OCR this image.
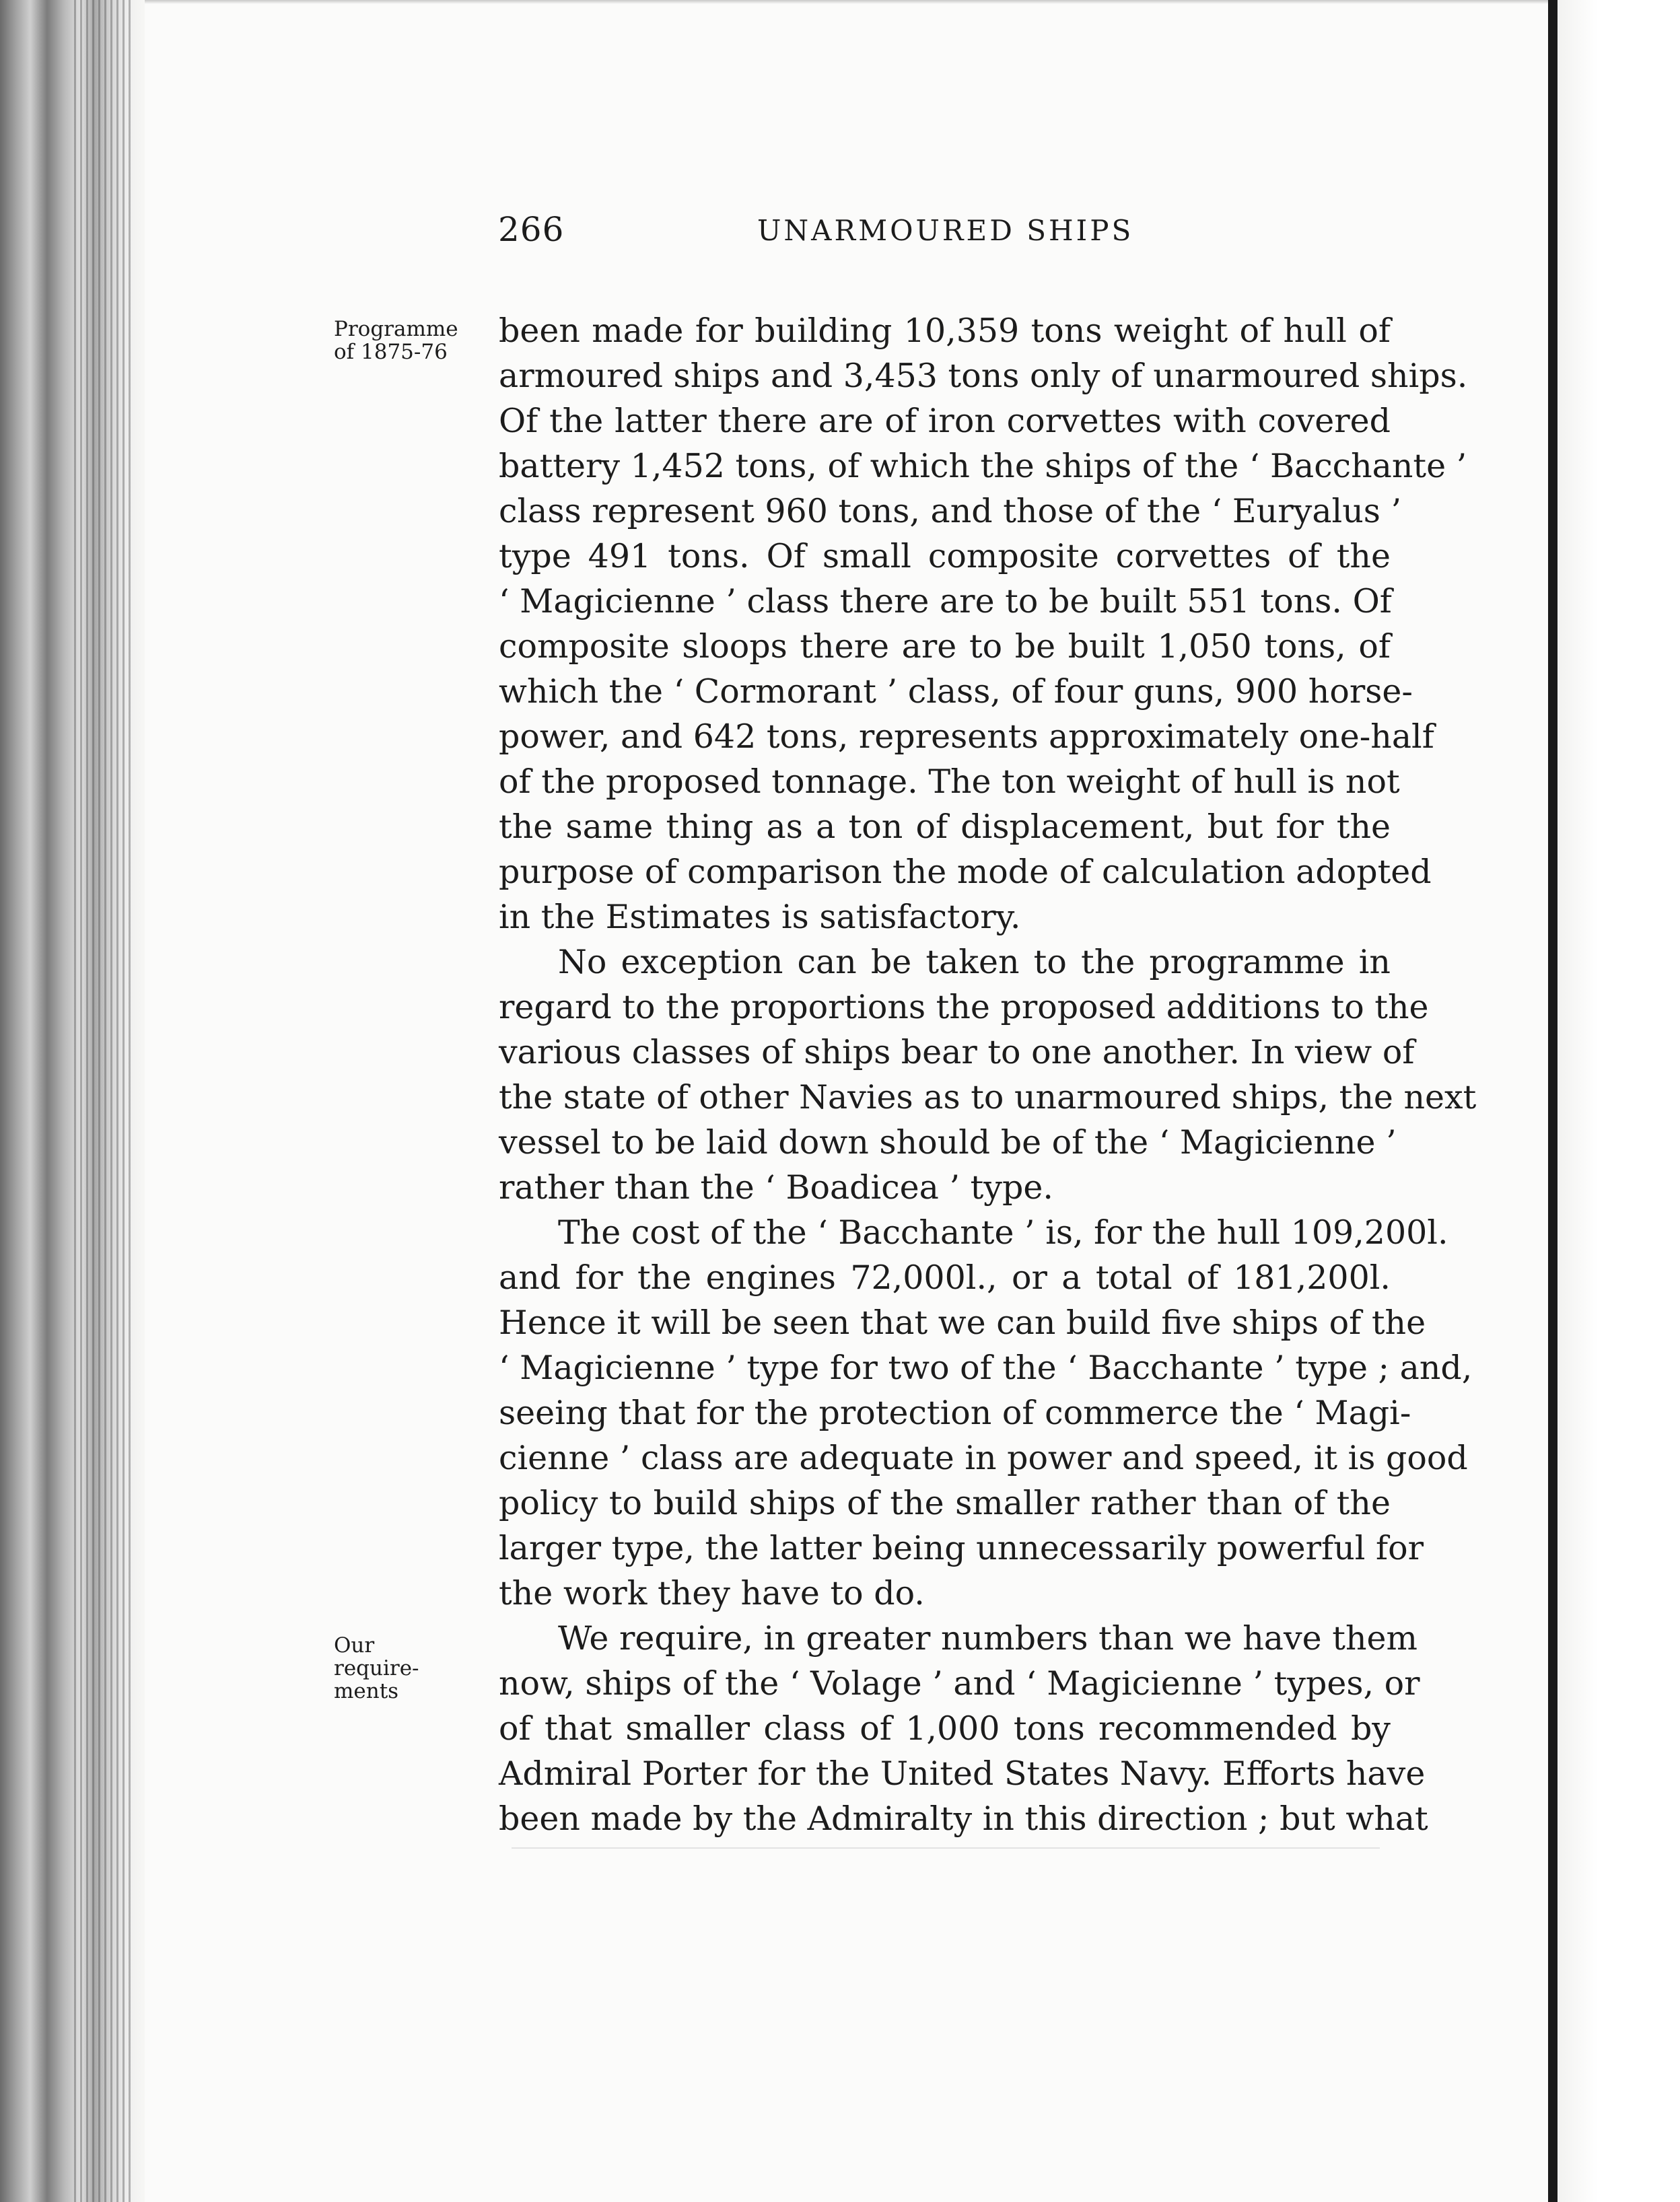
266	UNARMOURED SHIPS
Programme
of 1875-76
Our
require-
ments
been made for building 10,359 tons weight of hull of
armoured ships and 3,453 tons only of unarmoured ships.
Of the latter there are of iron corvettes with covered
battery 1,452 tons, of which the ships of the ‘ Bacchante ’
class represent 960 tons, and those of the ‘ Euryalus ’
type 491 tons. Of small composite corvettes of the
‘ Magicienne ’ class there are to be built 551 tons. Of
composite sloops there are to be built 1,050 tons, of
which the ‘ Cormorant ’ class, of four guns, 900 horse-
power, and 642 tons, represents approximately one-half
of the proposed tonnage. The ton weight of hull is not
the same thing as a ton of displacement, but for the
purpose of comparison the mode of calculation adopted
in the Estimates is satisfactory.
No exception can be taken to the programme in
regard to the proportions the proposed additions to the
various classes of ships bear to one another. In view of
the state of other Navies as to unarmoured ships, the next
vessel to be laid down should be of the ‘ Magicienne ’
rather than the ‘ Boadicea ’ type.
The cost of the ‘ Bacchante ’ is, for the hull 109,200l.
and for the engines 72,000l., or a total of 181,200l.
Hence it will be seen that we can build five ships of the
‘ Magicienne ’ type for two of the ‘ Bacchante ’ type ; and,
seeing that for the protection of commerce the ‘ Magi-
cienne ’ class are adequate in power and speed, it is good
policy to build ships of the smaller rather than of the
larger type, the latter being unnecessarily powerful for
the work they have to do.
We require, in greater numbers than we have them
now, ships of the ‘ Volage ’ and ‘ Magicienne ’ types, or
of that smaller class of 1,000 tons recommended by
Admiral Porter for the United States Navy. Efforts have
been made by the Admiralty in this direction ; but what
